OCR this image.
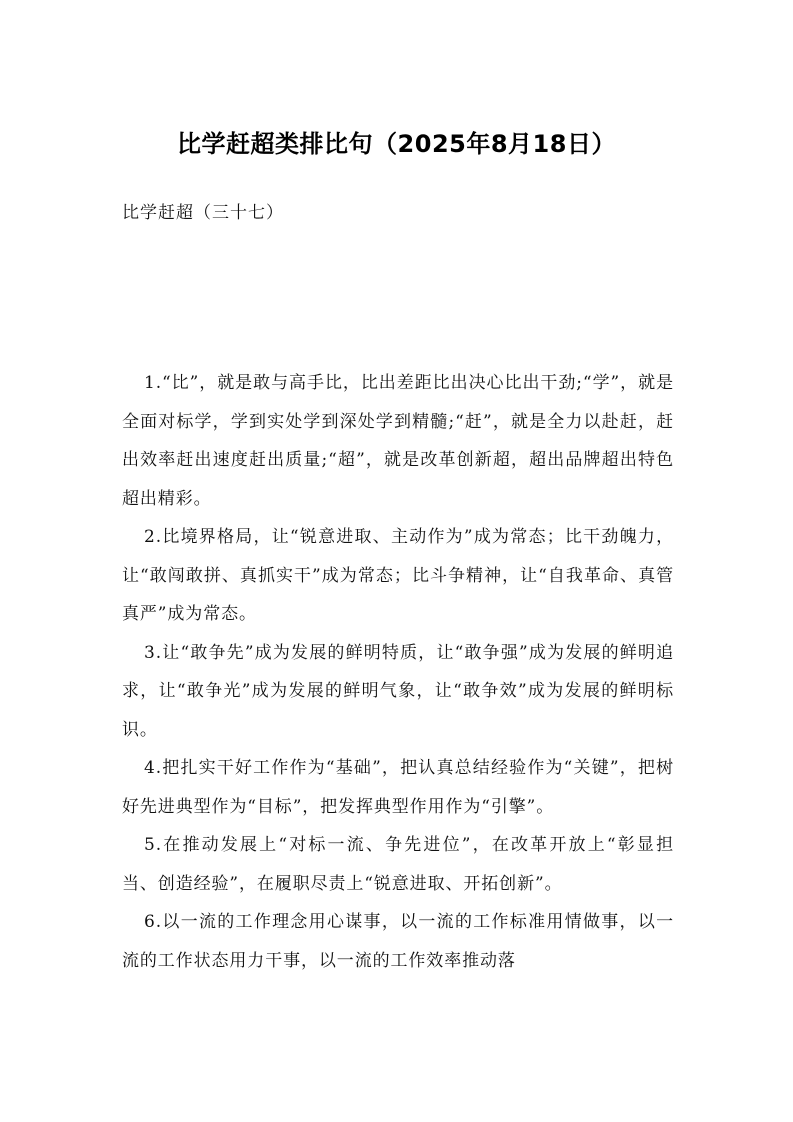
比学赶超类排比句（2025年8月18日）

比学赶超（三十七）

1.“比”，就是敢与高手比，比出差距比出决心比出干劲;“学”，就是全面对标学，学到实处学到深处学到精髓;“赶”，就是全力以赴赶，赶出效率赶出速度赶出质量;“超”，就是改革创新超，超出品牌超出特色超出精彩。

2.比境界格局，让“锐意进取、主动作为”成为常态；比干劲魄力，让“敢闯敢拼、真抓实干”成为常态；比斗争精神，让“自我革命、真管真严”成为常态。

3.让“敢争先”成为发展的鲜明特质，让“敢争强”成为发展的鲜明追求，让“敢争光”成为发展的鲜明气象，让“敢争效”成为发展的鲜明标识。

4.把扎实干好工作作为“基础”，把认真总结经验作为“关键”，把树好先进典型作为“目标”，把发挥典型作用作为“引擎”。

5.在推动发展上“对标一流、争先进位”，在改革开放上“彰显担当、创造经验”，在履职尽责上“锐意进取、开拓创新”。

6.以一流的工作理念用心谋事，以一流的工作标准用情做事，以一流的工作状态用力干事，以一流的工作效率推动落
